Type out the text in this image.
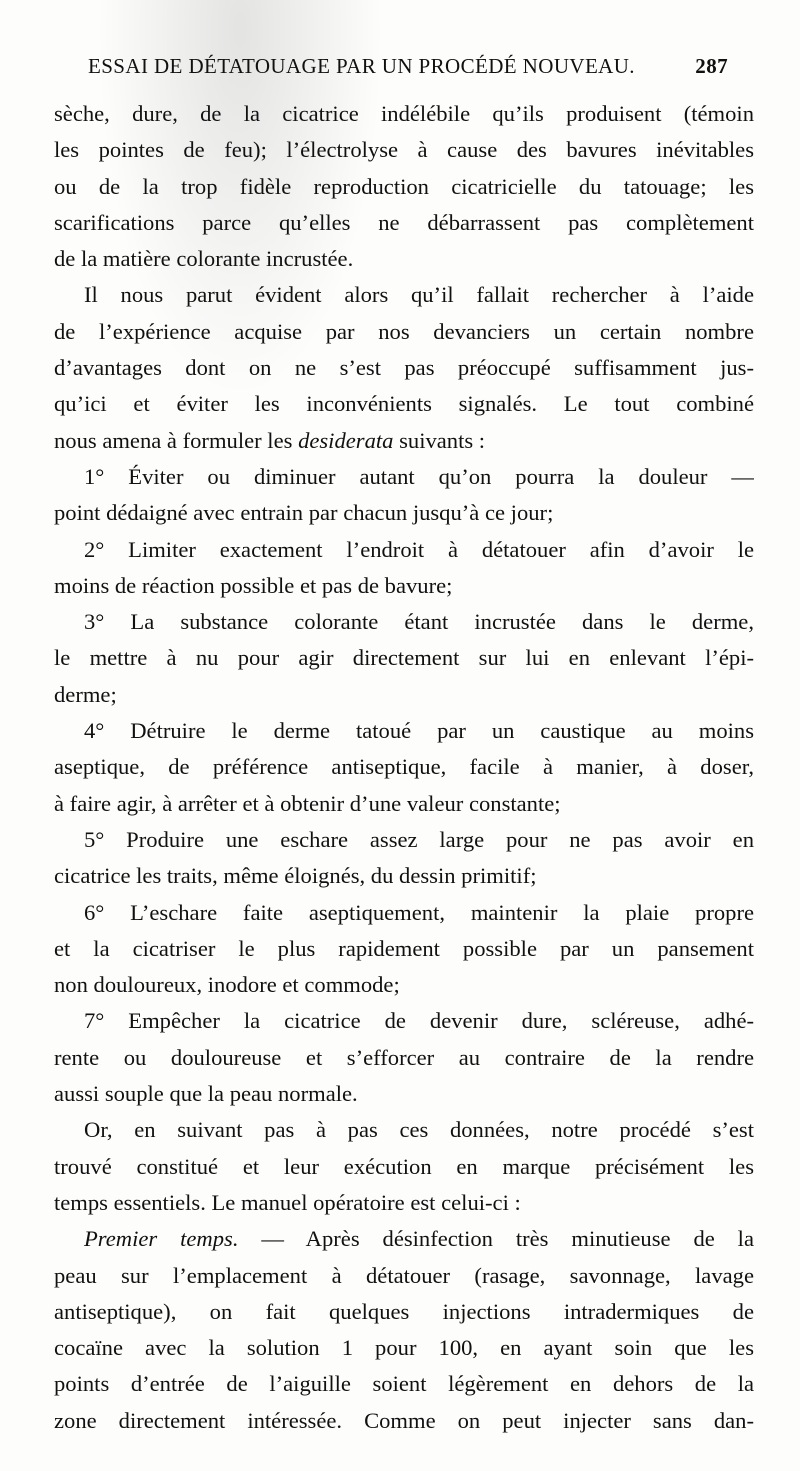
ESSAI DE DÉTATOUAGE PAR UN PROCÉDÉ NOUVEAU.	287
sèche, dure, de la cicatrice indélébile qu’ils produisent (témoin
les pointes de feu); l’électrolyse à cause des bavures inévitables
ou de la trop fidèle reproduction cicatricielle du tatouage; les
scarifications parce qu’elles ne débarrassent pas complètement
de la matière colorante incrustée.
Il nous parut évident alors qu’il fallait rechercher à l’aide
de l’expérience acquise par nos devanciers un certain nombre
d’avantages dont on ne s’est pas préoccupé suffisamment jus-
qu’ici et éviter les inconvénients signalés. Le tout combiné
nous amena à formuler les desiderata suivants :
1° Éviter ou diminuer autant qu’on pourra la douleur —
point dédaigné avec entrain par chacun jusqu’à ce jour;
2° Limiter exactement l’endroit à détatouer afin d’avoir le
moins de réaction possible et pas de bavure;
3° La substance colorante étant incrustée dans le derme,
le mettre à nu pour agir directement sur lui en enlevant l’épi-
derme;
4° Détruire le derme tatoué par un caustique au moins
aseptique, de préférence antiseptique, facile à manier, à doser,
à faire agir, à arrêter et à obtenir d’une valeur constante;
5° Produire une eschare assez large pour ne pas avoir en
cicatrice les traits, même éloignés, du dessin primitif;
6° L’eschare faite aseptiquement, maintenir la plaie propre
et la cicatriser le plus rapidement possible par un pansement
non douloureux, inodore et commode;
7° Empêcher la cicatrice de devenir dure, scléreuse, adhé-
rente ou douloureuse et s’efforcer au contraire de la rendre
aussi souple que la peau normale.
Or, en suivant pas à pas ces données, notre procédé s’est
trouvé constitué et leur exécution en marque précisément les
temps essentiels. Le manuel opératoire est celui-ci :
Premier temps. — Après désinfection très minutieuse de la
peau sur l’emplacement à détatouer (rasage, savonnage, lavage
antiseptique), on fait quelques injections intradermiques de
cocaïne avec la solution 1 pour 100, en ayant soin que les
points d’entrée de l’aiguille soient légèrement en dehors de la
zone directement intéressée. Comme on peut injecter sans dan-
